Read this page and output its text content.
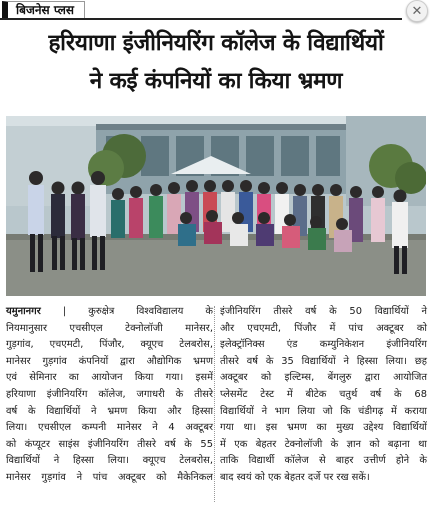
बिजनेस प्लस	✕
हरियाणा इंजीनियरिंग कॉलेज के विद्यार्थियों
ने कई कंपनियों का किया भ्रमण
यमुनानगर | कुरुक्षेत्र विश्वविद्यालय के
नियमानुसार एचसीएल टेक्नोलॉजी मानेसर,
गुड़गांव, एचएमटी, पिंजौर, क्यूएच टेलबरोस,
मानेसर गुड़गांव कंपनियों द्वारा औद्योगिक भ्रमण
एवं सेमिनार का आयोजन किया गया। इसमें
हरियाणा इंजीनियरिंग कॉलेज, जगाधरी के तीसरे
वर्ष के विद्यार्थियों ने भ्रमण किया और हिस्सा
लिया। एचसीएल कम्पनी मानेसर ने 4 अक्टूबर
को कंप्यूटर साइंस इंजीनियरिंग तीसरे वर्ष के 55
विद्यार्थियों ने हिस्सा लिया। क्यूएच टेलबरोस,
मानेसर गुड़गांव ने पांच अक्टूबर को मैकेनिकल
इंजीनियरिंग तीसरे वर्ष के 50 विद्यार्थियों ने
और एचएमटी, पिंजौर में पांच अक्टूबर को
इलेक्ट्रॉनिक्स एंड कम्युनिकेशन इंजीनियरिंग
तीसरे वर्ष के 35 विद्यार्थियों ने हिस्सा लिया। छह
अक्टूबर को इल्टिम्स, बेंगलुरु द्वारा आयोजित
प्लेसमेंट टेस्ट में बीटेक चतुर्थ वर्ष के 68
विद्यार्थियों ने भाग लिया जो कि चंडीगढ़ में कराया
गया था। इस भ्रमण का मुख्य उद्देश्य विद्यार्थियों
में एक बेहतर टेक्नोलॉजी के ज्ञान को बढ़ाना था
ताकि विद्यार्थी कॉलेज से बाहर उत्तीर्ण होने के
बाद स्वयं को एक बेहतर दर्जे पर रख सकें।
